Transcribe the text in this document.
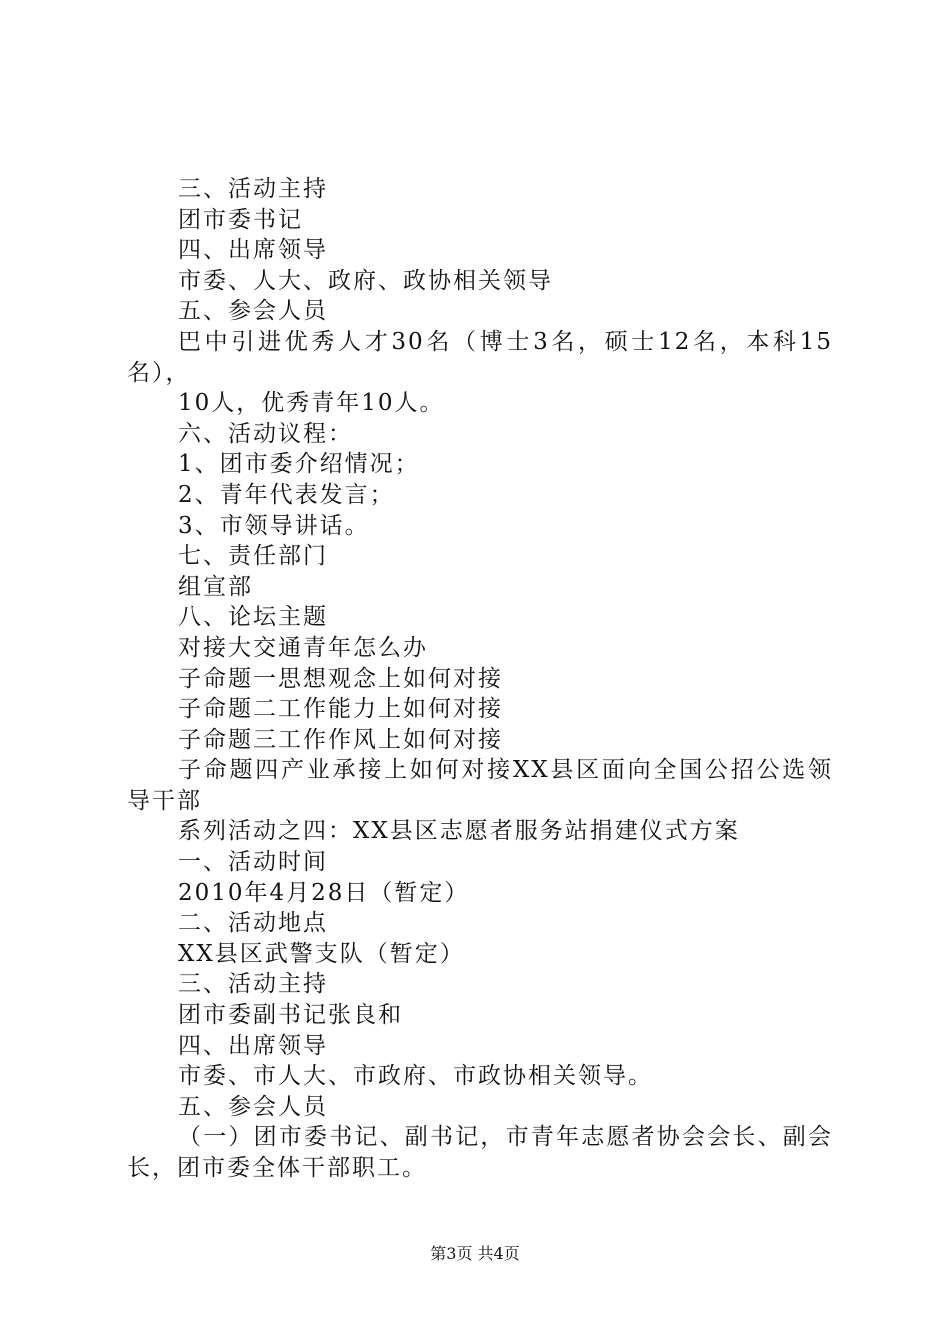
三、活动主持

团市委书记

四、出席领导

市委、人大、政府、政协相关领导

五、参会人员

巴中引进优秀人才30名（博士3名，硕士12名，本科15名），

10人，优秀青年10人。

六、活动议程：

1、团市委介绍情况；

2、青年代表发言；

3、市领导讲话。

七、责任部门

组宣部

八、论坛主题

对接大交通青年怎么办

子命题一思想观念上如何对接

子命题二工作能力上如何对接

子命题三工作作风上如何对接

子命题四产业承接上如何对接XX县区面向全国公招公选领导干部

系列活动之四：XX县区志愿者服务站捐建仪式方案

一、活动时间

2010年4月28日（暂定）

二、活动地点

XX县区武警支队（暂定）

三、活动主持

团市委副书记张良和

四、出席领导

市委、市人大、市政府、市政协相关领导。

五、参会人员

（一）团市委书记、副书记，市青年志愿者协会会长、副会长，团市委全体干部职工。

第3页 共4页
